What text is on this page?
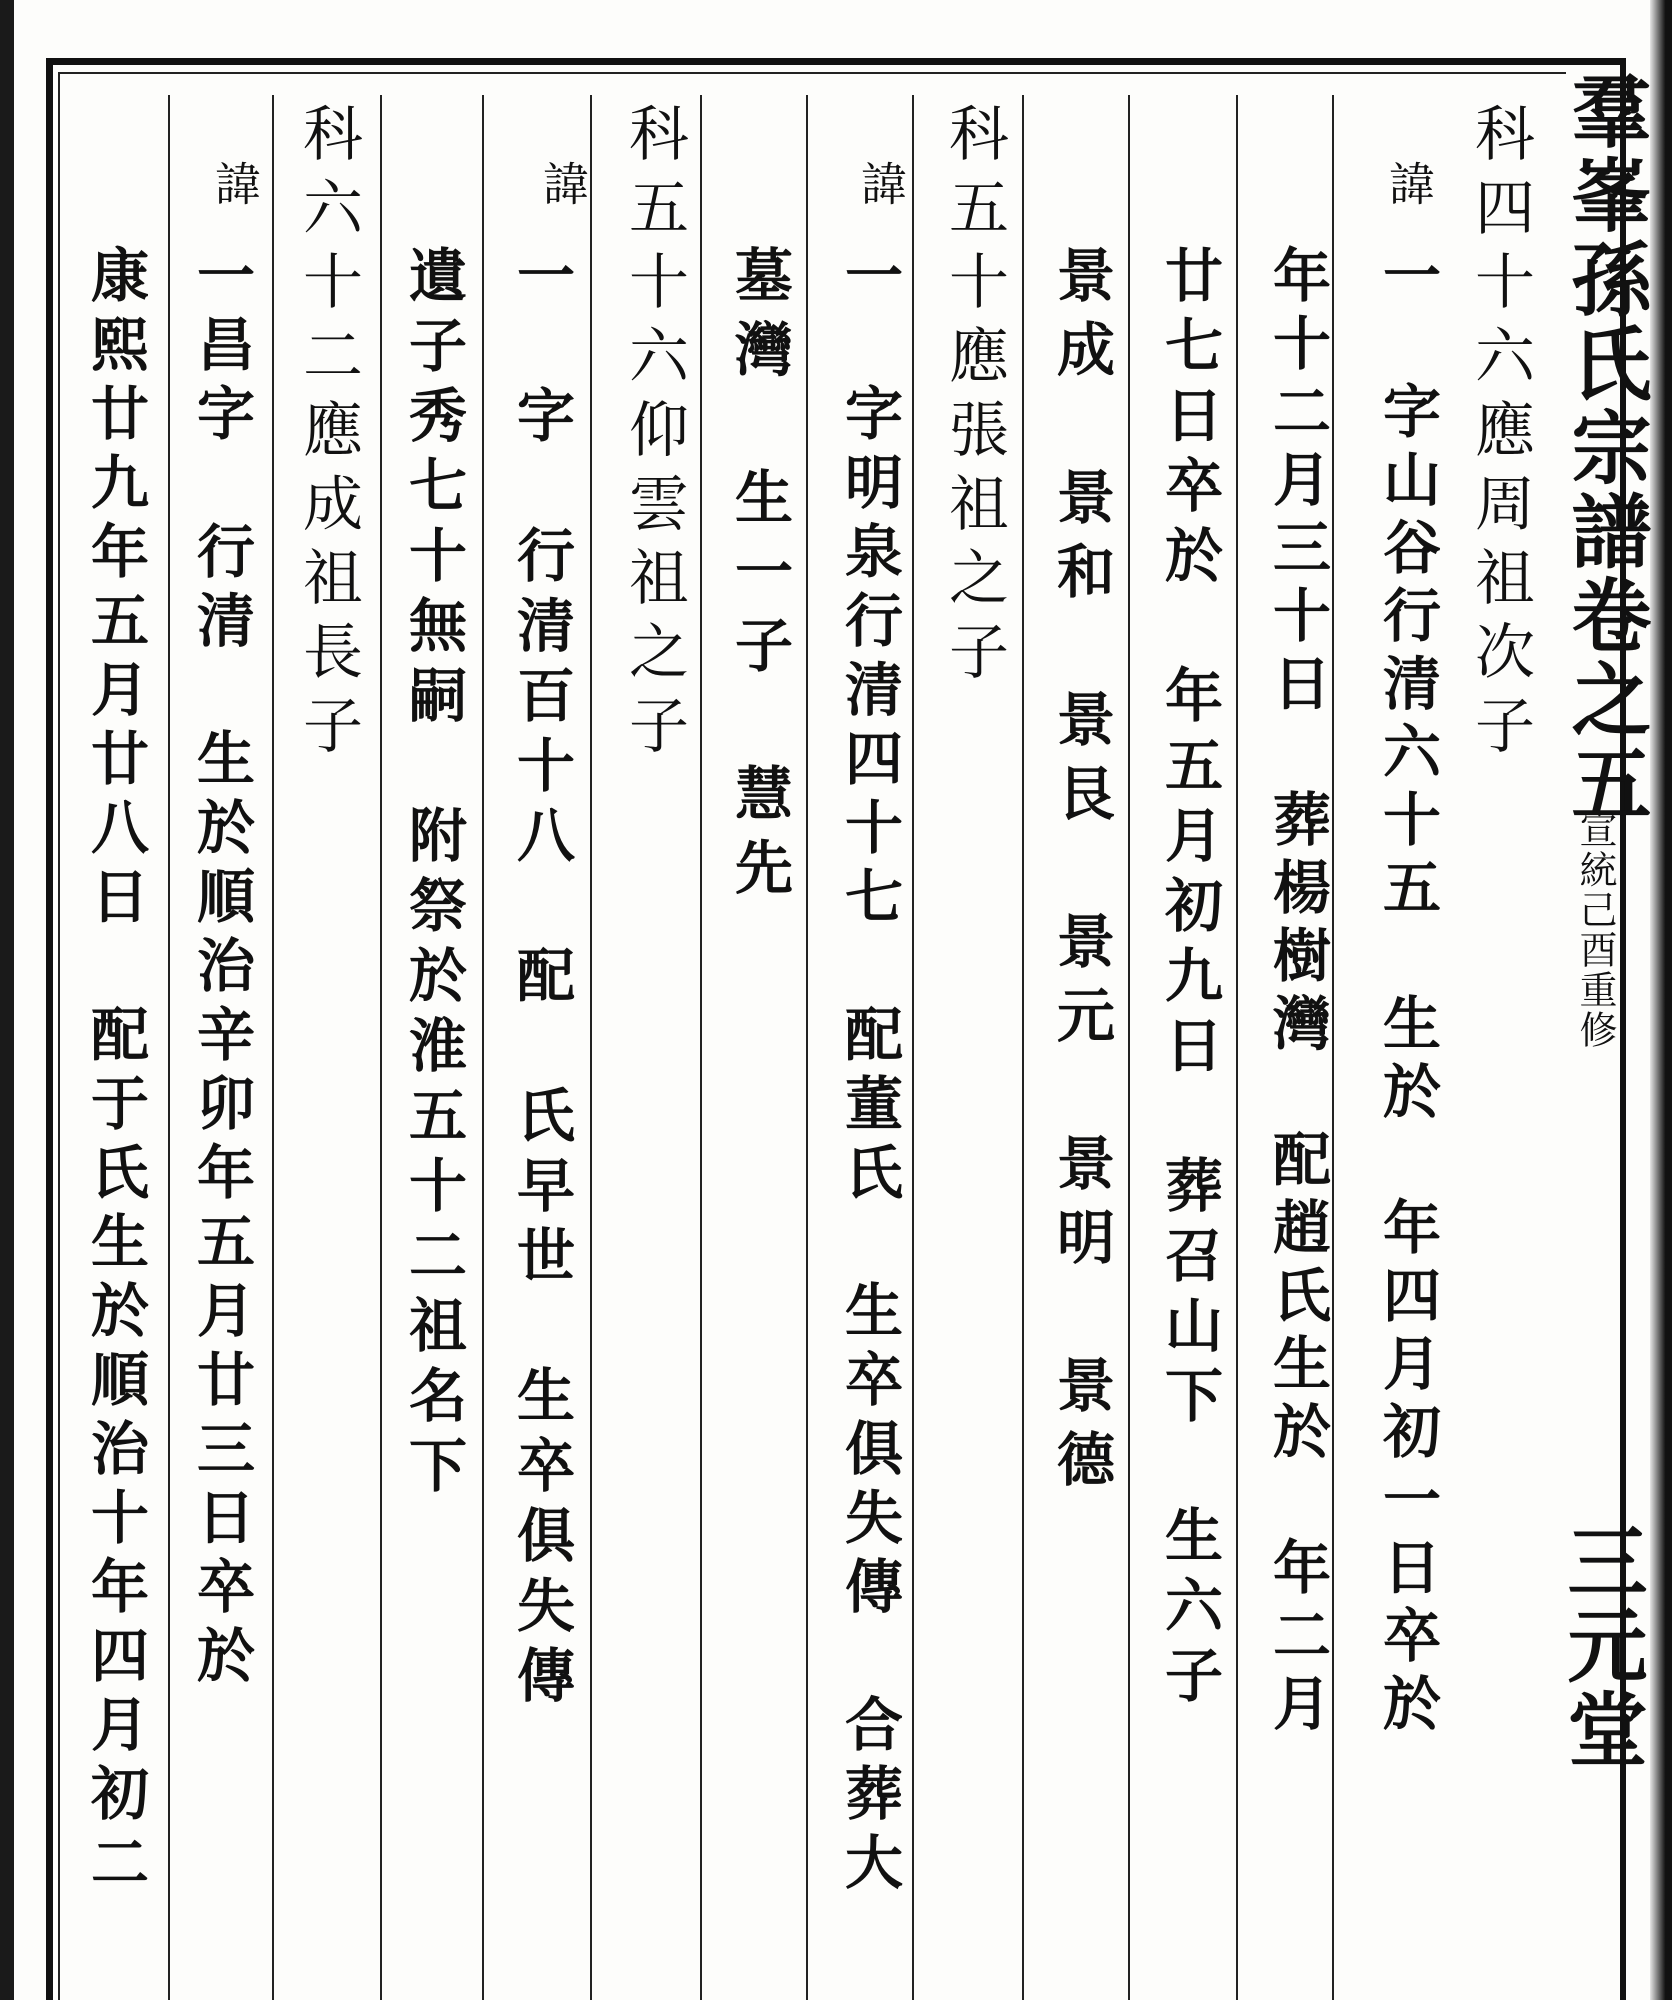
羣峯孫氏宗譜卷之五
宣統己酉重修
三元堂
科四十六應周祖次子
諱
一　字山谷行清六十五　生於　年四月初一日卒於
年十二月三十日　葬楊樹灣　配趙氏生於　年二月
廿七日卒於　年五月初九日　葬召山下　生六子
景成　景和　景艮　景元　景明　景德
科五十應張祖之子
諱
一　字明泉行清四十七　配董氏　生卒俱失傳　合葬大
墓灣　生一子　慧先
科五十六仰雲祖之子
諱
一　字　行清百十八　配　氏早世　生卒俱失傳
遺子秀七十無嗣　附祭於淮五十二祖名下
科六十二應成祖長子
諱
一昌字　行清　生於順治辛卯年五月廿三日卒於
康熙廿九年五月廿八日　配于氏生於順治十年四月初二
